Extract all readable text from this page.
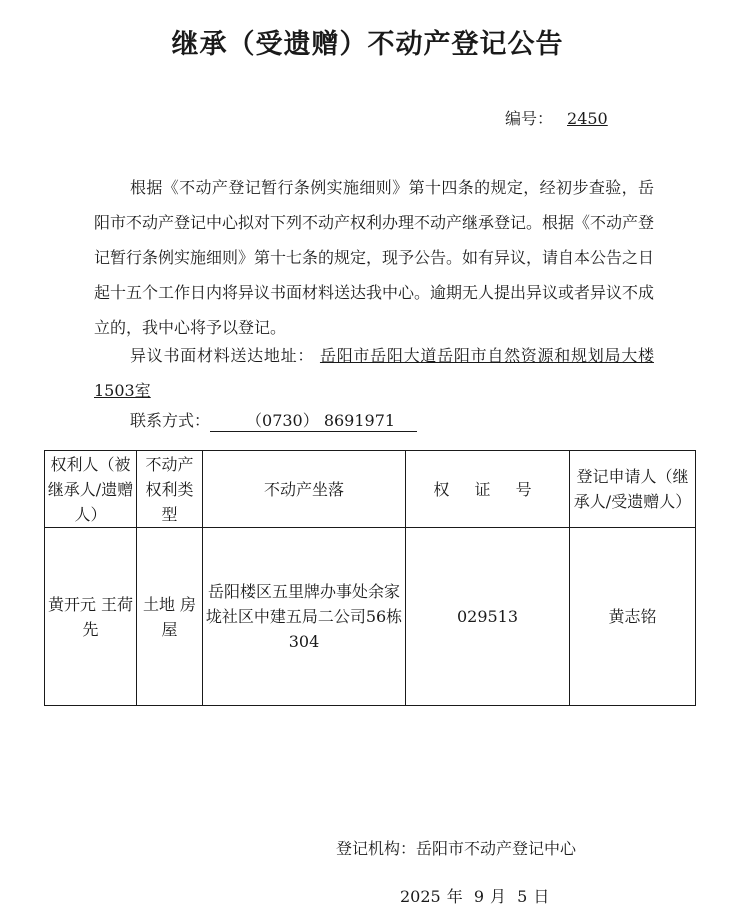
继承（受遗赠）不动产登记公告
编号： 2450

根据《不动产登记暂行条例实施细则》第十四条的规定，经初步查验，岳阳市不动产登记中心拟对下列不动产权利办理不动产继承登记。根据《不动产登记暂行条例实施细则》第十七条的规定，现予公告。如有异议，请自本公告之日起十五个工作日内将异议书面材料送达我中心。逾期无人提出异议或者异议不成立的，我中心将予以登记。

异议书面材料送达地址： 岳阳市岳阳大道岳阳市自然资源和规划局大楼1503室

联系方式： （0730） 8691971

权利人（被继承人/遗赠人）	不动产权利类型	不动产坐落	权 证 号	登记申请人（继承人/受遗赠人）
黄开元 王荷先	土地 房屋	岳阳楼区五里牌办事处余家垅社区中建五局二公司56栋304	029513	黄志铭
登记机构：岳阳市不动产登记中心
2025 年 9 月 5 日
